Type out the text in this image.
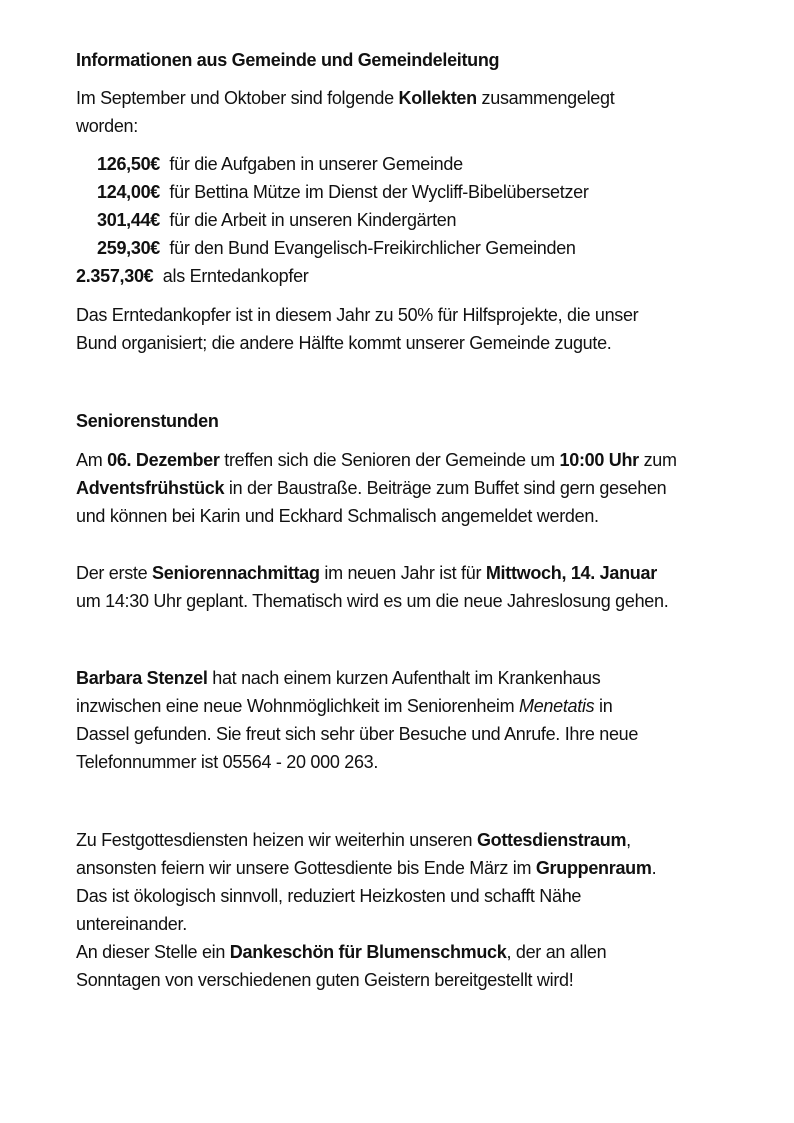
Informationen aus Gemeinde und Gemeindeleitung
Im September und Oktober sind folgende Kollekten zusammengelegt
worden:
126,50€ für die Aufgaben in unserer Gemeinde
124,00€ für Bettina Mütze im Dienst der Wycliff-Bibelübersetzer
301,44€ für die Arbeit in unseren Kindergärten
259,30€ für den Bund Evangelisch-Freikirchlicher Gemeinden
2.357,30€ als Erntedankopfer
Das Erntedankopfer ist in diesem Jahr zu 50% für Hilfsprojekte, die unser
Bund organisiert; die andere Hälfte kommt unserer Gemeinde zugute.
Seniorenstunden
Am 06. Dezember treffen sich die Senioren der Gemeinde um 10:00 Uhr zum
Adventsfrühstück in der Baustraße. Beiträge zum Buffet sind gern gesehen
und können bei Karin und Eckhard Schmalisch angemeldet werden.
Der erste Seniorennachmittag im neuen Jahr ist für Mittwoch, 14. Januar
um 14:30 Uhr geplant. Thematisch wird es um die neue Jahreslosung gehen.
Barbara Stenzel hat nach einem kurzen Aufenthalt im Krankenhaus
inzwischen eine neue Wohnmöglichkeit im Seniorenheim Menetatis in
Dassel gefunden. Sie freut sich sehr über Besuche und Anrufe. Ihre neue
Telefonnummer ist 05564 - 20 000 263.
Zu Festgottesdiensten heizen wir weiterhin unseren Gottesdienstraum,
ansonsten feiern wir unsere Gottesdiente bis Ende März im Gruppenraum.
Das ist ökologisch sinnvoll, reduziert Heizkosten und schafft Nähe
untereinander.
An dieser Stelle ein Dankeschön für Blumenschmuck, der an allen
Sonntagen von verschiedenen guten Geistern bereitgestellt wird!
